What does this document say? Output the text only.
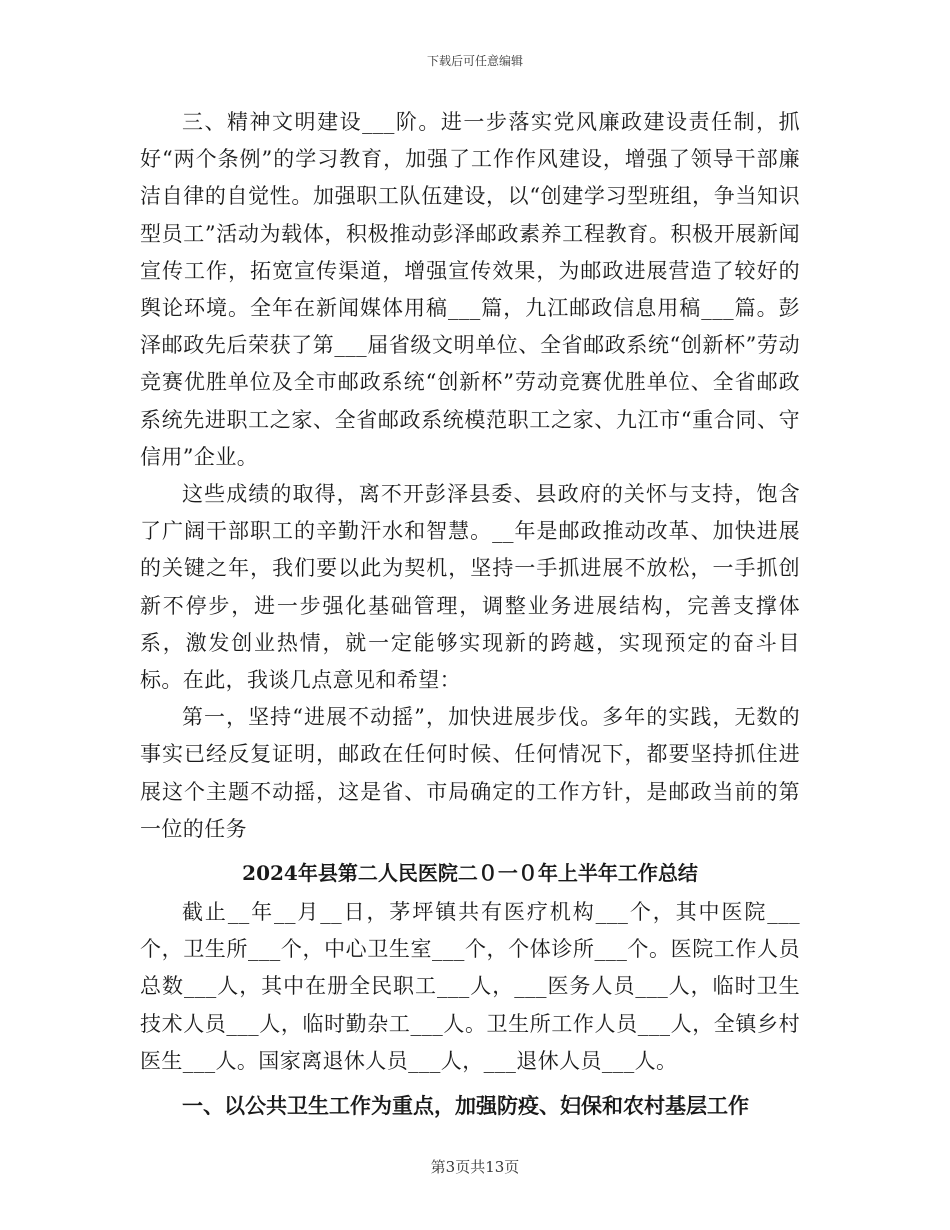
下载后可任意编辑

三、精神文明建设___阶。进一步落实党风廉政建设责任制，抓好“两个条例”的学习教育，加强了工作作风建设，增强了领导干部廉洁自律的自觉性。加强职工队伍建设，以“创建学习型班组，争当知识型员工”活动为载体，积极推动彭泽邮政素养工程教育。积极开展新闻宣传工作，拓宽宣传渠道，增强宣传效果，为邮政进展营造了较好的舆论环境。全年在新闻媒体用稿___篇，九江邮政信息用稿___篇。彭泽邮政先后荣获了第___届省级文明单位、全省邮政系统“创新杯”劳动竞赛优胜单位及全市邮政系统“创新杯”劳动竞赛优胜单位、全省邮政系统先进职工之家、全省邮政系统模范职工之家、九江市“重合同、守信用”企业。

这些成绩的取得，离不开彭泽县委、县政府的关怀与支持，饱含了广阔干部职工的辛勤汗水和智慧。__年是邮政推动改革、加快进展的关键之年，我们要以此为契机，坚持一手抓进展不放松，一手抓创新不停步，进一步强化基础管理，调整业务进展结构，完善支撑体系，激发创业热情，就一定能够实现新的跨越，实现预定的奋斗目标。在此，我谈几点意见和希望：

第一，坚持“进展不动摇”，加快进展步伐。多年的实践，无数的事实已经反复证明，邮政在任何时候、任何情况下，都要坚持抓住进展这个主题不动摇，这是省、市局确定的工作方针，是邮政当前的第一位的任务

2024年县第二人民医院二０一０年上半年工作总结

截止__年__月__日，茅坪镇共有医疗机构___个，其中医院___个，卫生所___个，中心卫生室___个，个体诊所___个。医院工作人员总数___人，其中在册全民职工___人，___医务人员___人，临时卫生技术人员___人，临时勤杂工___人。卫生所工作人员___人，全镇乡村医生___人。国家离退休人员___人，___退休人员___人。

一、以公共卫生工作为重点，加强防疫、妇保和农村基层工作
第3页共13页
